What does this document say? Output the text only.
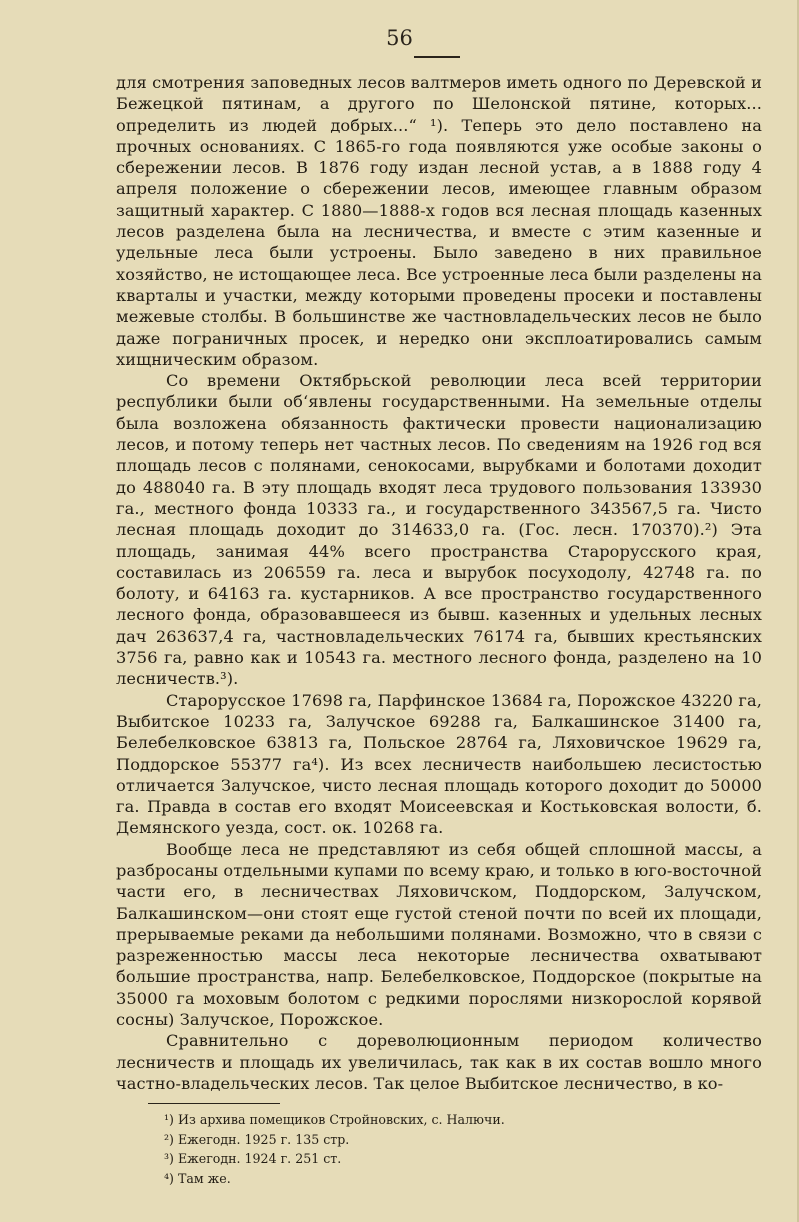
56

для смотрения заповедных лесов валтмеров иметь одного по Деревской и Бежецкой пятинам, а другого по Шелонской пятине, которых... определить из людей добрых...“ ¹). Теперь это дело поставлено на прочных основаниях. С 1865-го года появляются уже особые законы о сбережении лесов. В 1876 году издан лесной устав, а в 1888 году 4 апреля положение о сбережении лесов, имеющее главным образом защитный характер. С 1880—1888-х годов вся лесная площадь казенных лесов разделена была на лесничества, и вместе с этим казенные и удельные леса были устроены. Было заведено в них правильное хозяйство, не истощающее леса. Все устроенные леса были разделены на кварталы и участки, между которыми проведены просеки и поставлены межевые столбы. В большинстве же частновладельческих лесов не было даже пограничных просек, и нередко они эксплоатировались самым хищническим образом.

Со времени Октябрьской революции леса всей территории республики были об‘явлены государственными. На земельные отделы была возложена обязанность фактически провести национализацию лесов, и потому теперь нет частных лесов. По сведениям на 1926 год вся площадь лесов с полянами, сенокосами, вырубками и болотами доходит до 488040 га. В эту площадь входят леса трудового пользования 133930 га., местного фонда 10333 га., и государственного 343567,5 га. Чисто лесная площадь доходит до 314633,0 га. (Гос. лесн. 170370).²) Эта площадь, занимая 44% всего пространства Старорусского края, составилась из 206559 га. леса и вырубок посуходолу, 42748 га. по болоту, и 64163 га. кустарников. А все пространство государственного лесного фонда, образовавшееся из бывш. казенных и удельных лесных дач 263637,4 га, частновладельческих 76174 га, бывших крестьянских 3756 га, равно как и 10543 га. местного лесного фонда, разделено на 10 лесничеств.³).

Старорусское 17698 га, Парфинское 13684 га, Порожское 43220 га, Выбитское 10233 га, Залучское 69288 га, Балкашинское 31400 га, Белебелковское 63813 га, Польское 28764 га, Ляховичское 19629 га, Поддорское 55377 га⁴). Из всех лесничеств наибольшею лесистостью отличается Залучское, чисто лесная площадь которого доходит до 50000 га. Правда в состав его входят Моисеевская и Костьковская волости, б. Демянского уезда, сост. ок. 10268 га.

Вообще леса не представляют из себя общей сплошной массы, а разбросаны отдельными купами по всему краю, и только в юго-восточной части его, в лесничествах Ляховичском, Поддорском, Залучском, Балкашинском—они стоят еще густой стеной почти по всей их площади, прерываемые реками да небольшими полянами. Возможно, что в связи с разреженностью массы леса некоторые лесничества охватывают большие пространства, напр. Белебелковское, Поддорское (покрытые на 35000 га моховым болотом с редкими порослями низкорослой корявой сосны) Залучское, Порожское.

Сравнительно с дореволюционным периодом количество лесничеств и площадь их увеличилась, так как в их состав вошло много частно-владельческих лесов. Так целое Выбитское лесничество, в ко-

¹) Из архива помещиков Стройновских, с. Налючи.
²) Ежегодн. 1925 г. 135 стр.
³) Ежегодн. 1924 г. 251 ст.
⁴) Там же.
